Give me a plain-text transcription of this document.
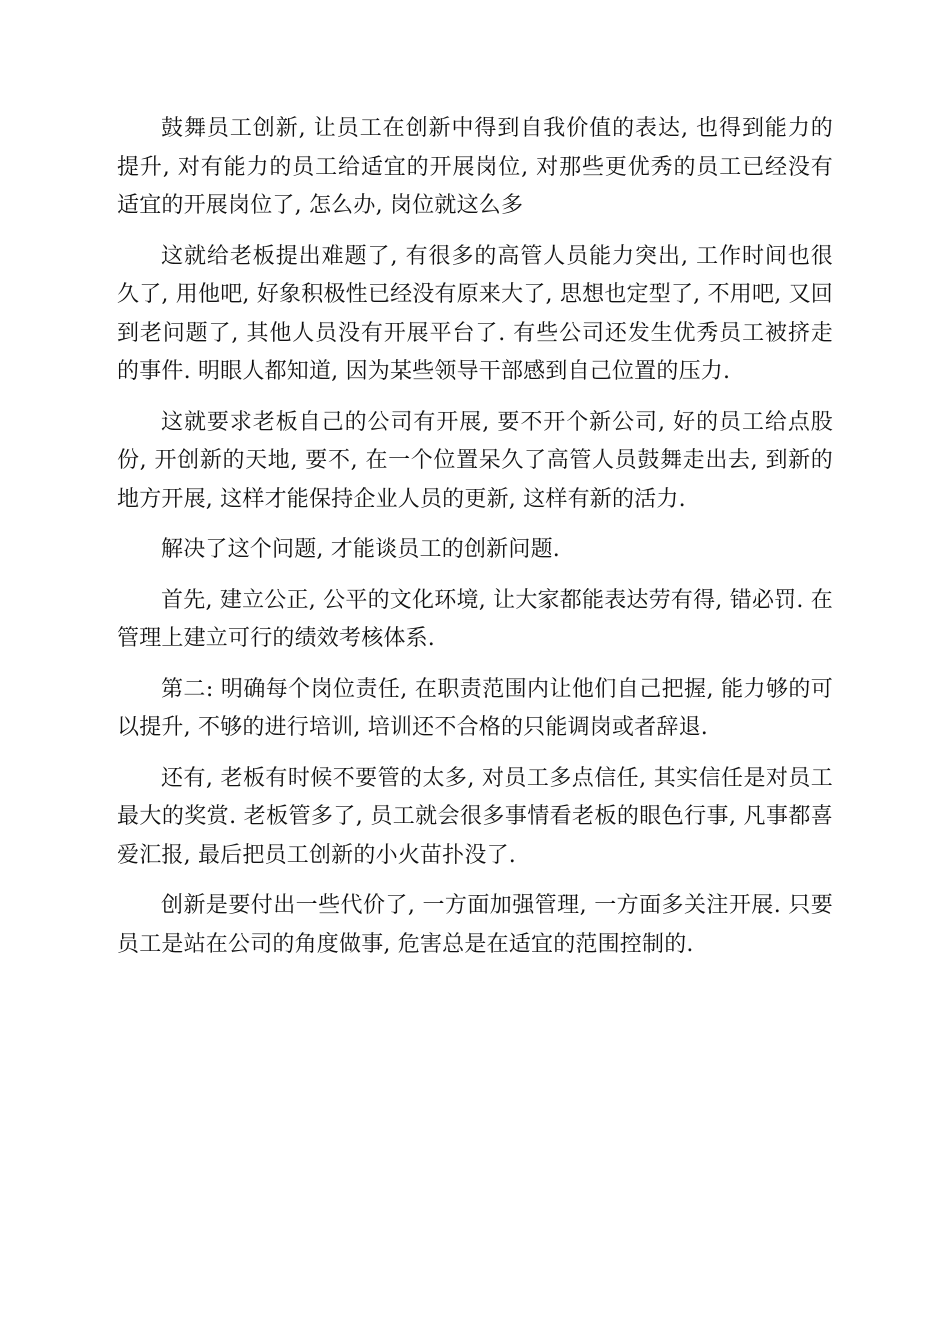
鼓舞员工创新, 让员工在创新中得到自我价值的表达, 也得到能力的提升, 对有能力的员工给适宜的开展岗位, 对那些更优秀的员工已经没有适宜的开展岗位了, 怎么办, 岗位就这么多

这就给老板提出难题了, 有很多的高管人员能力突出, 工作时间也很久了, 用他吧, 好象积极性已经没有原来大了, 思想也定型了, 不用吧, 又回到老问题了, 其他人员没有开展平台了. 有些公司还发生优秀员工被挤走的事件. 明眼人都知道, 因为某些领导干部感到自己位置的压力.

这就要求老板自己的公司有开展, 要不开个新公司, 好的员工给点股份, 开创新的天地, 要不, 在一个位置呆久了高管人员鼓舞走出去, 到新的地方开展, 这样才能保持企业人员的更新, 这样有新的活力.

解决了这个问题, 才能谈员工的创新问题.

首先, 建立公正, 公平的文化环境, 让大家都能表达劳有得, 错必罚. 在管理上建立可行的绩效考核体系.

第二: 明确每个岗位责任, 在职责范围内让他们自己把握, 能力够的可以提升, 不够的进行培训, 培训还不合格的只能调岗或者辞退.

还有, 老板有时候不要管的太多, 对员工多点信任, 其实信任是对员工最大的奖赏. 老板管多了, 员工就会很多事情看老板的眼色行事, 凡事都喜爱汇报, 最后把员工创新的小火苗扑没了.

创新是要付出一些代价了, 一方面加强管理, 一方面多关注开展. 只要员工是站在公司的角度做事, 危害总是在适宜的范围控制的.
